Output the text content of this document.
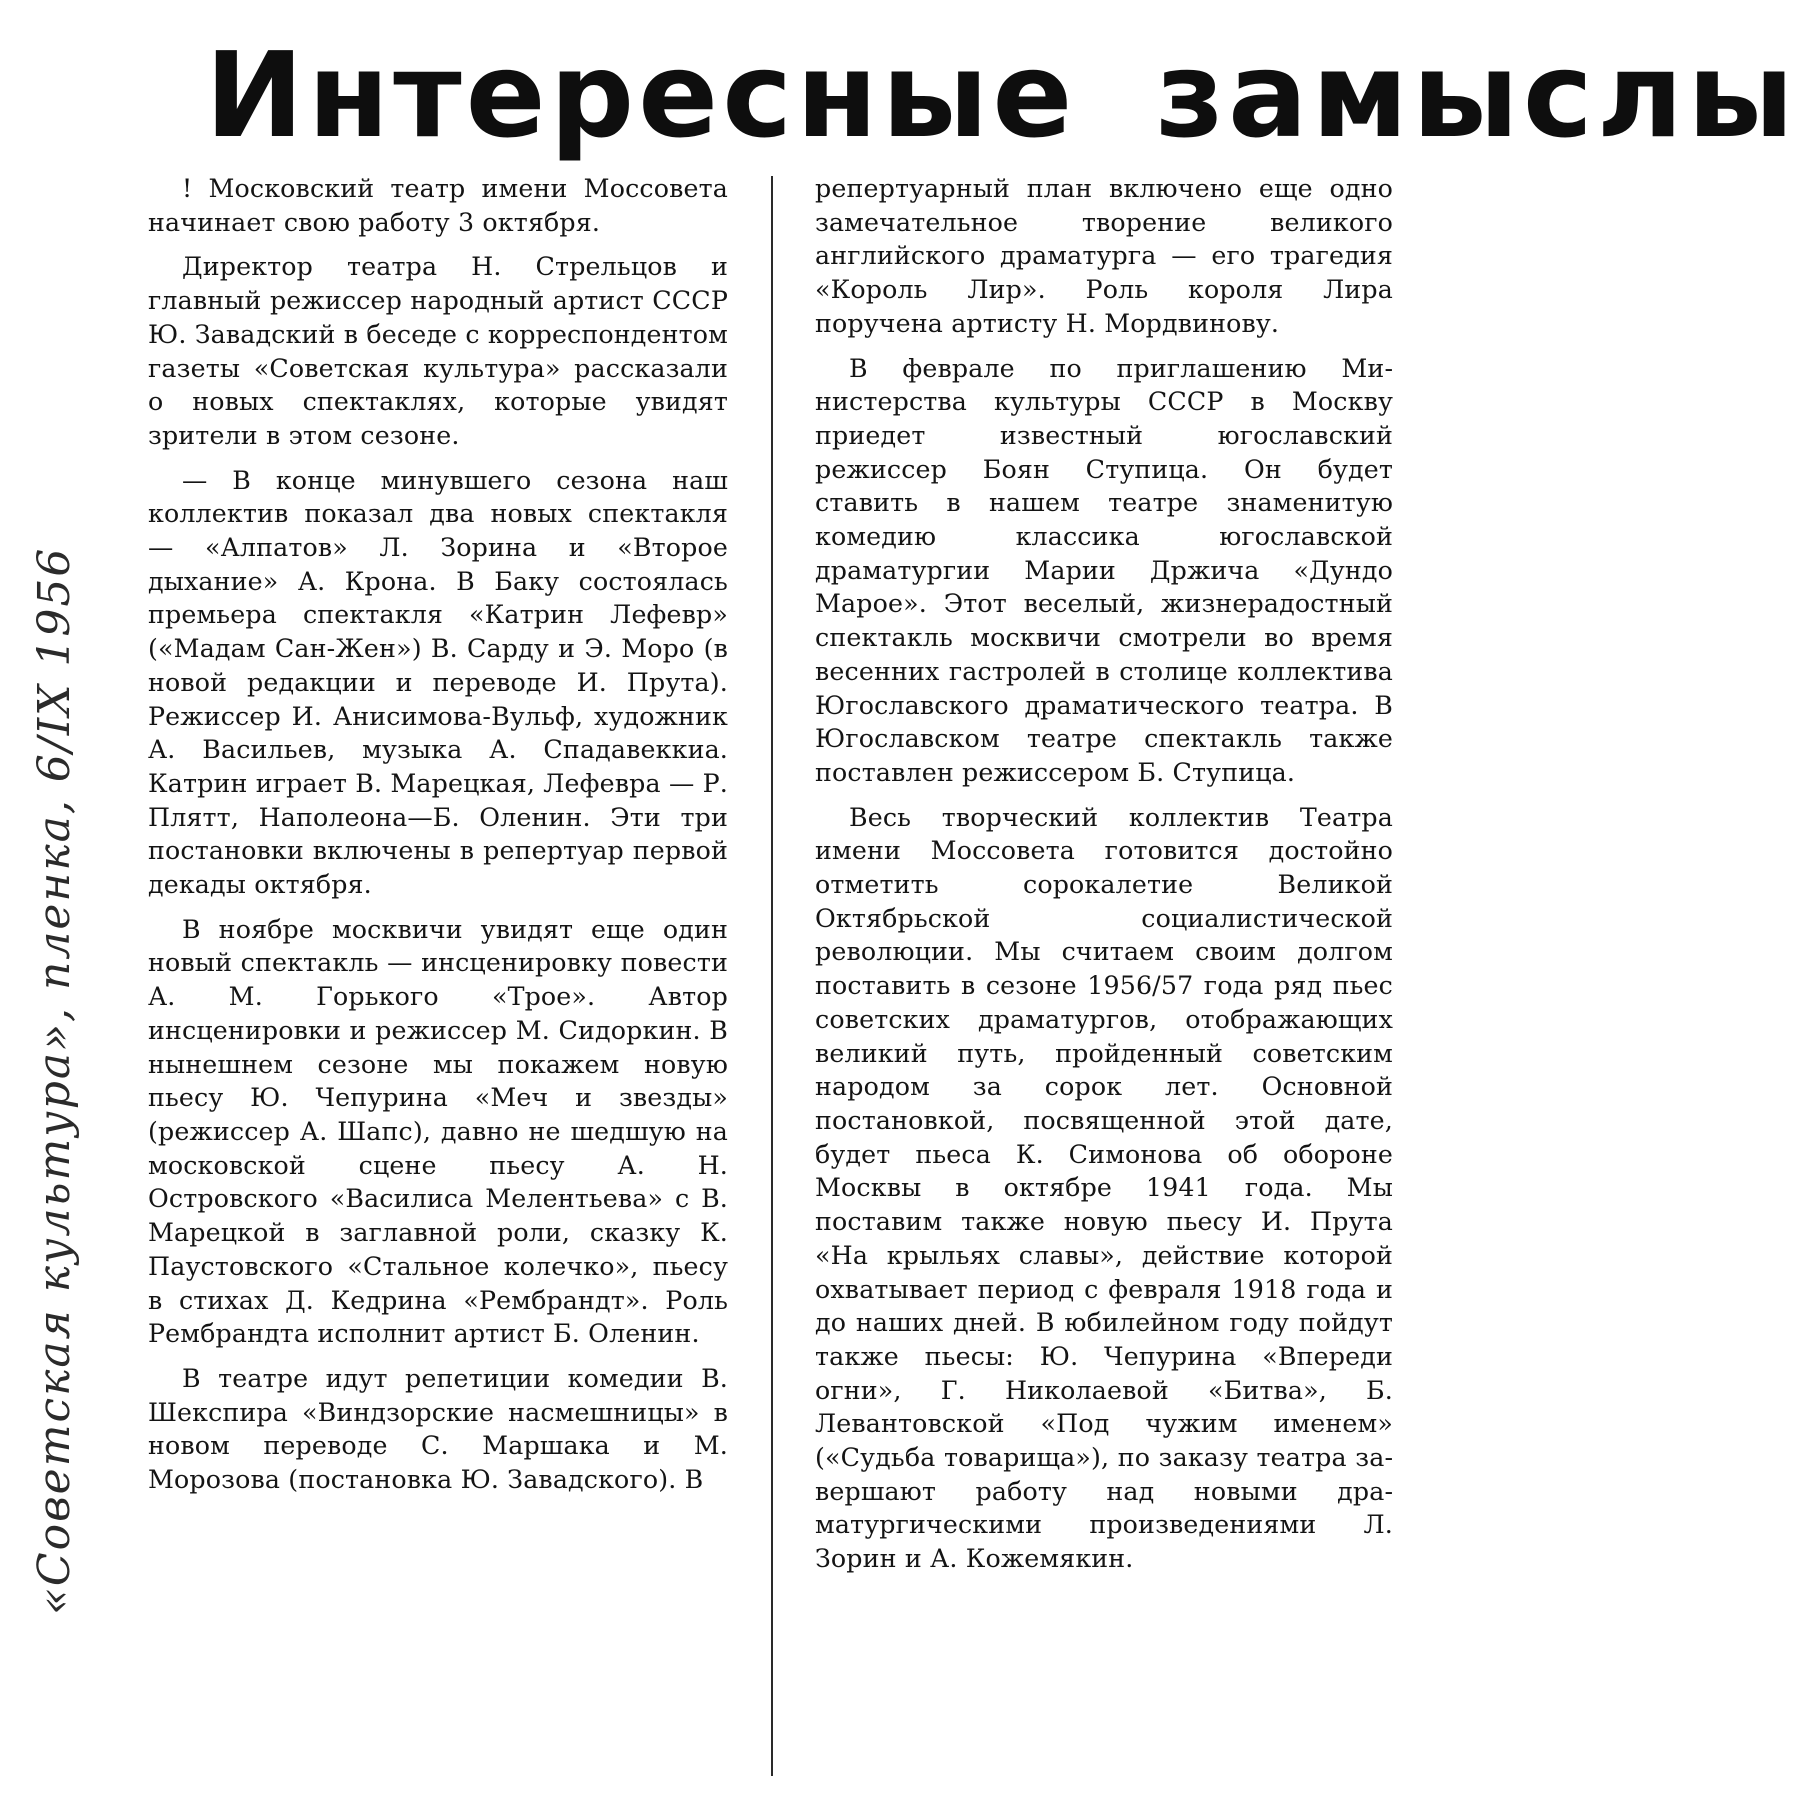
Интересные замыслы
«Советская культура», пленка, 6/IX 1956

! Московский театр имени Моссовета начинает свою работу 3 октября.

Директор театра Н. Стрельцов и главный режиссер народный артист СССР Ю. Завадский в беседе с корреспондентом газеты «Советская культура» рассказали о новых спектаклях, которые увидят зрители в этом сезоне.

— В конце минувшего сезона наш коллектив показал два новых спектакля — «Алпатов» Л. Зорина и «Второе дыхание» А. Крона. В Баку состоялась премьера спектакля «Катрин Лефевр» («Мадам Сан-Жен») В. Сарду и Э. Моро (в новой редакции и переводе И. Прута). Режиссер И. Анисимова-Вульф, художник А. Васильев, музыка А. Спадавеккиа. Катрин играет В. Марецкая, Лефевра — Р. Плятт, Наполеона—Б. Оленин. Эти три постановки включены в репертуар первой декады октября.

В ноябре москвичи увидят еще один новый спектакль — инсценировку повести А. М. Горького «Трое». Автор инсценировки и режиссер М. Сидоркин. В нынешнем сезоне мы покажем новую пьесу Ю. Чепурина «Меч и звезды» (режиссер А. Шапс), давно не шедшую на московской сцене пьесу А. Н. Островского «Василиса Мелентьева» с В. Марецкой в заглавной роли, сказку К. Паустовского «Стальное колечко», пьесу в стихах Д. Кедрина «Рембрандт». Роль Рембрандта исполнит артист Б. Оленин.

В театре идут репетиции комедии В. Шекспира «Виндзорские насмешницы» в новом переводе С. Маршака и М. Морозова (постановка Ю. Завадского). В

репертуарный план включено еще одно замечательное творение великого английского драматурга — его трагедия «Король Лир». Роль короля Лира поручена артисту Н. Мордвинову.

В феврале по приглашению Министерства культуры СССР в Москву приедет известный югославский режиссер Боян Ступица. Он будет ставить в нашем театре знаменитую комедию классика югославской драматургии Марии Држича «Дундо Марое». Этот веселый, жизнерадостный спектакль москвичи смотрели во время весенних гастролей в столице коллектива Югославского драматического театра. В Югославском театре спектакль также поставлен режиссером Б. Ступица.

Весь творческий коллектив Театра имени Моссовета готовится достойно отметить сорокалетие Великой Октябрьской социалистической революции. Мы считаем своим долгом поставить в сезоне 1956/57 года ряд пьес советских драматургов, отображающих великий путь, пройденный советским народом за сорок лет. Основной постановкой, посвященной этой дате, будет пьеса К. Симонова об обороне Москвы в октябре 1941 года. Мы поставим также новую пьесу И. Прута «На крыльях славы», действие которой охватывает период с февраля 1918 года и до наших дней. В юбилейном году пойдут также пьесы: Ю. Чепурина «Впереди огни», Г. Николаевой «Битва», Б. Левантовской «Под чужим именем» («Судьба товарища»), по заказу театра завершают работу над новыми драматургическими произведениями Л. Зорин и А. Кожемякин.
